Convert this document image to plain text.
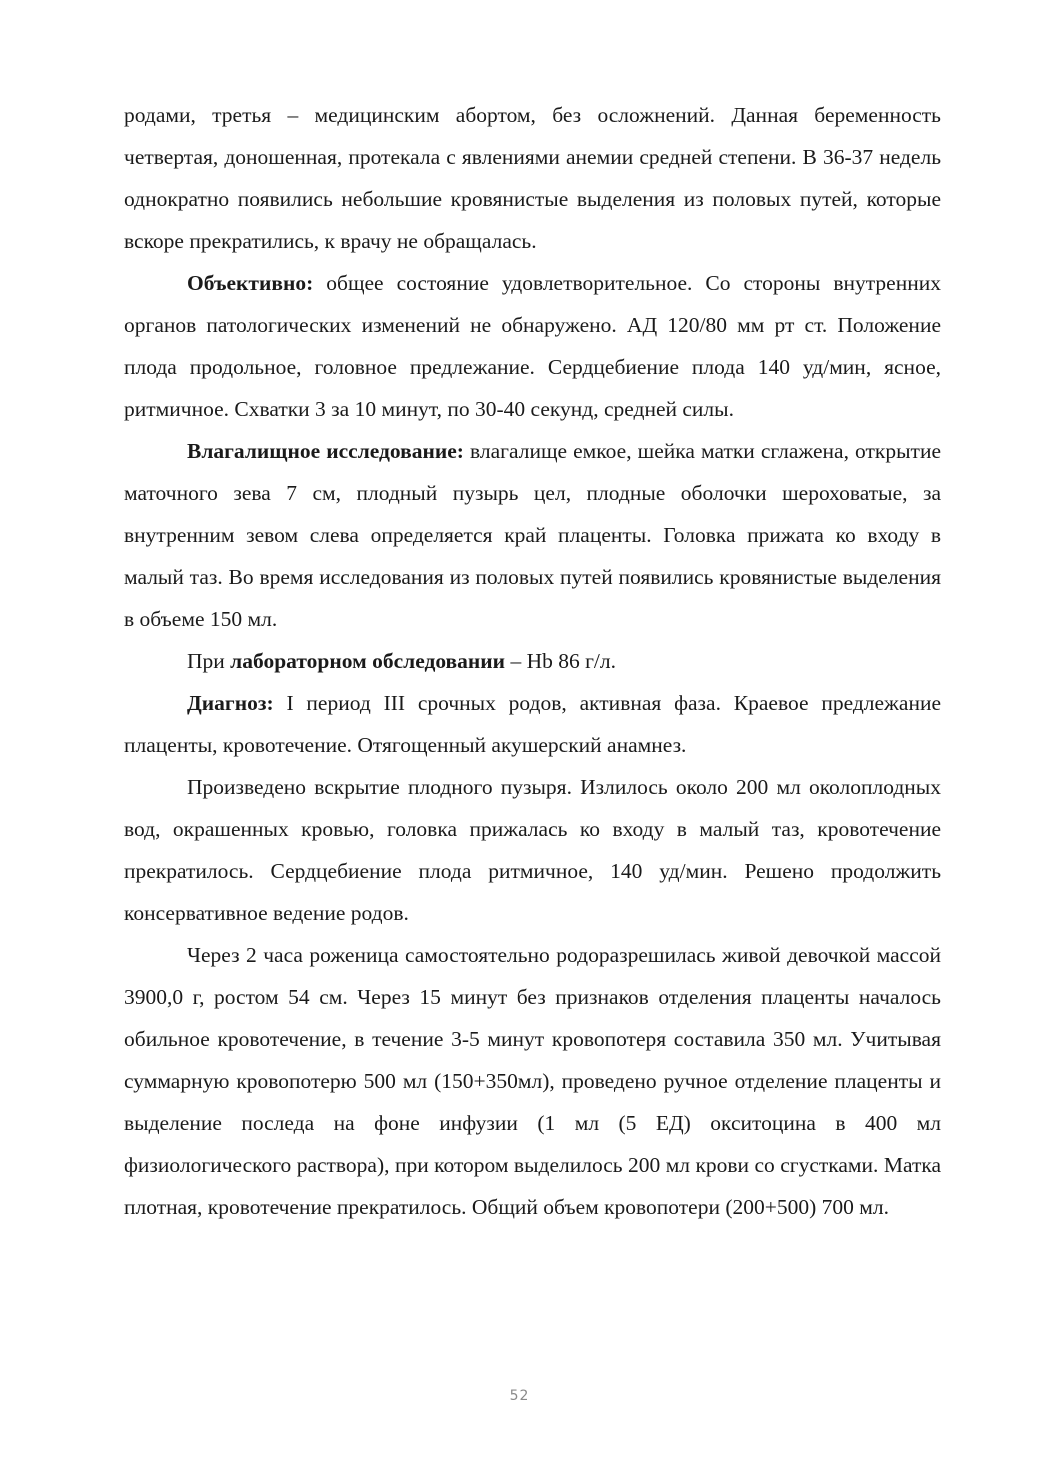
родами, третья – медицинским абортом, без осложнений. Данная беременность четвертая, доношенная, протекала с явлениями анемии средней степени. В 36-37 недель однократно появились небольшие кровянистые выделения из половых путей, которые вскоре прекратились, к врачу не обращалась.

Объективно: общее состояние удовлетворительное. Со стороны внутренних органов патологических изменений не обнаружено. АД 120/80 мм рт ст. Положение плода продольное, головное предлежание. Сердцебиение плода 140 уд/мин, ясное, ритмичное. Схватки 3 за 10 минут, по 30-40 секунд, средней силы.

Влагалищное исследование: влагалище емкое, шейка матки сглажена, открытие маточного зева 7 см, плодный пузырь цел, плодные оболочки шероховатые, за внутренним зевом слева определяется край плаценты. Головка прижата ко входу в малый таз. Во время исследования из половых путей появились кровянистые выделения в объеме 150 мл.

При лабораторном обследовании – Hb 86 г/л.

Диагноз: I период III срочных родов, активная фаза. Краевое предлежание плаценты, кровотечение. Отягощенный акушерский анамнез.

Произведено вскрытие плодного пузыря. Излилось около 200 мл околоплодных вод, окрашенных кровью, головка прижалась ко входу в малый таз, кровотечение прекратилось. Сердцебиение плода ритмичное, 140 уд/мин. Решено продолжить консервативное ведение родов.

Через 2 часа роженица самостоятельно родоразрешилась живой девочкой массой 3900,0 г, ростом 54 см. Через 15 минут без признаков отделения плаценты началось обильное кровотечение, в течение 3-5 минут кровопотеря составила 350 мл. Учитывая суммарную кровопотерю 500 мл (150+350мл), проведено ручное отделение плаценты и выделение последа на фоне инфузии (1 мл (5 ЕД) окситоцина в 400 мл физиологического раствора), при котором выделилось 200 мл крови со сгустками. Матка плотная, кровотечение прекратилось. Общий объем кровопотери (200+500) 700 мл.

52
